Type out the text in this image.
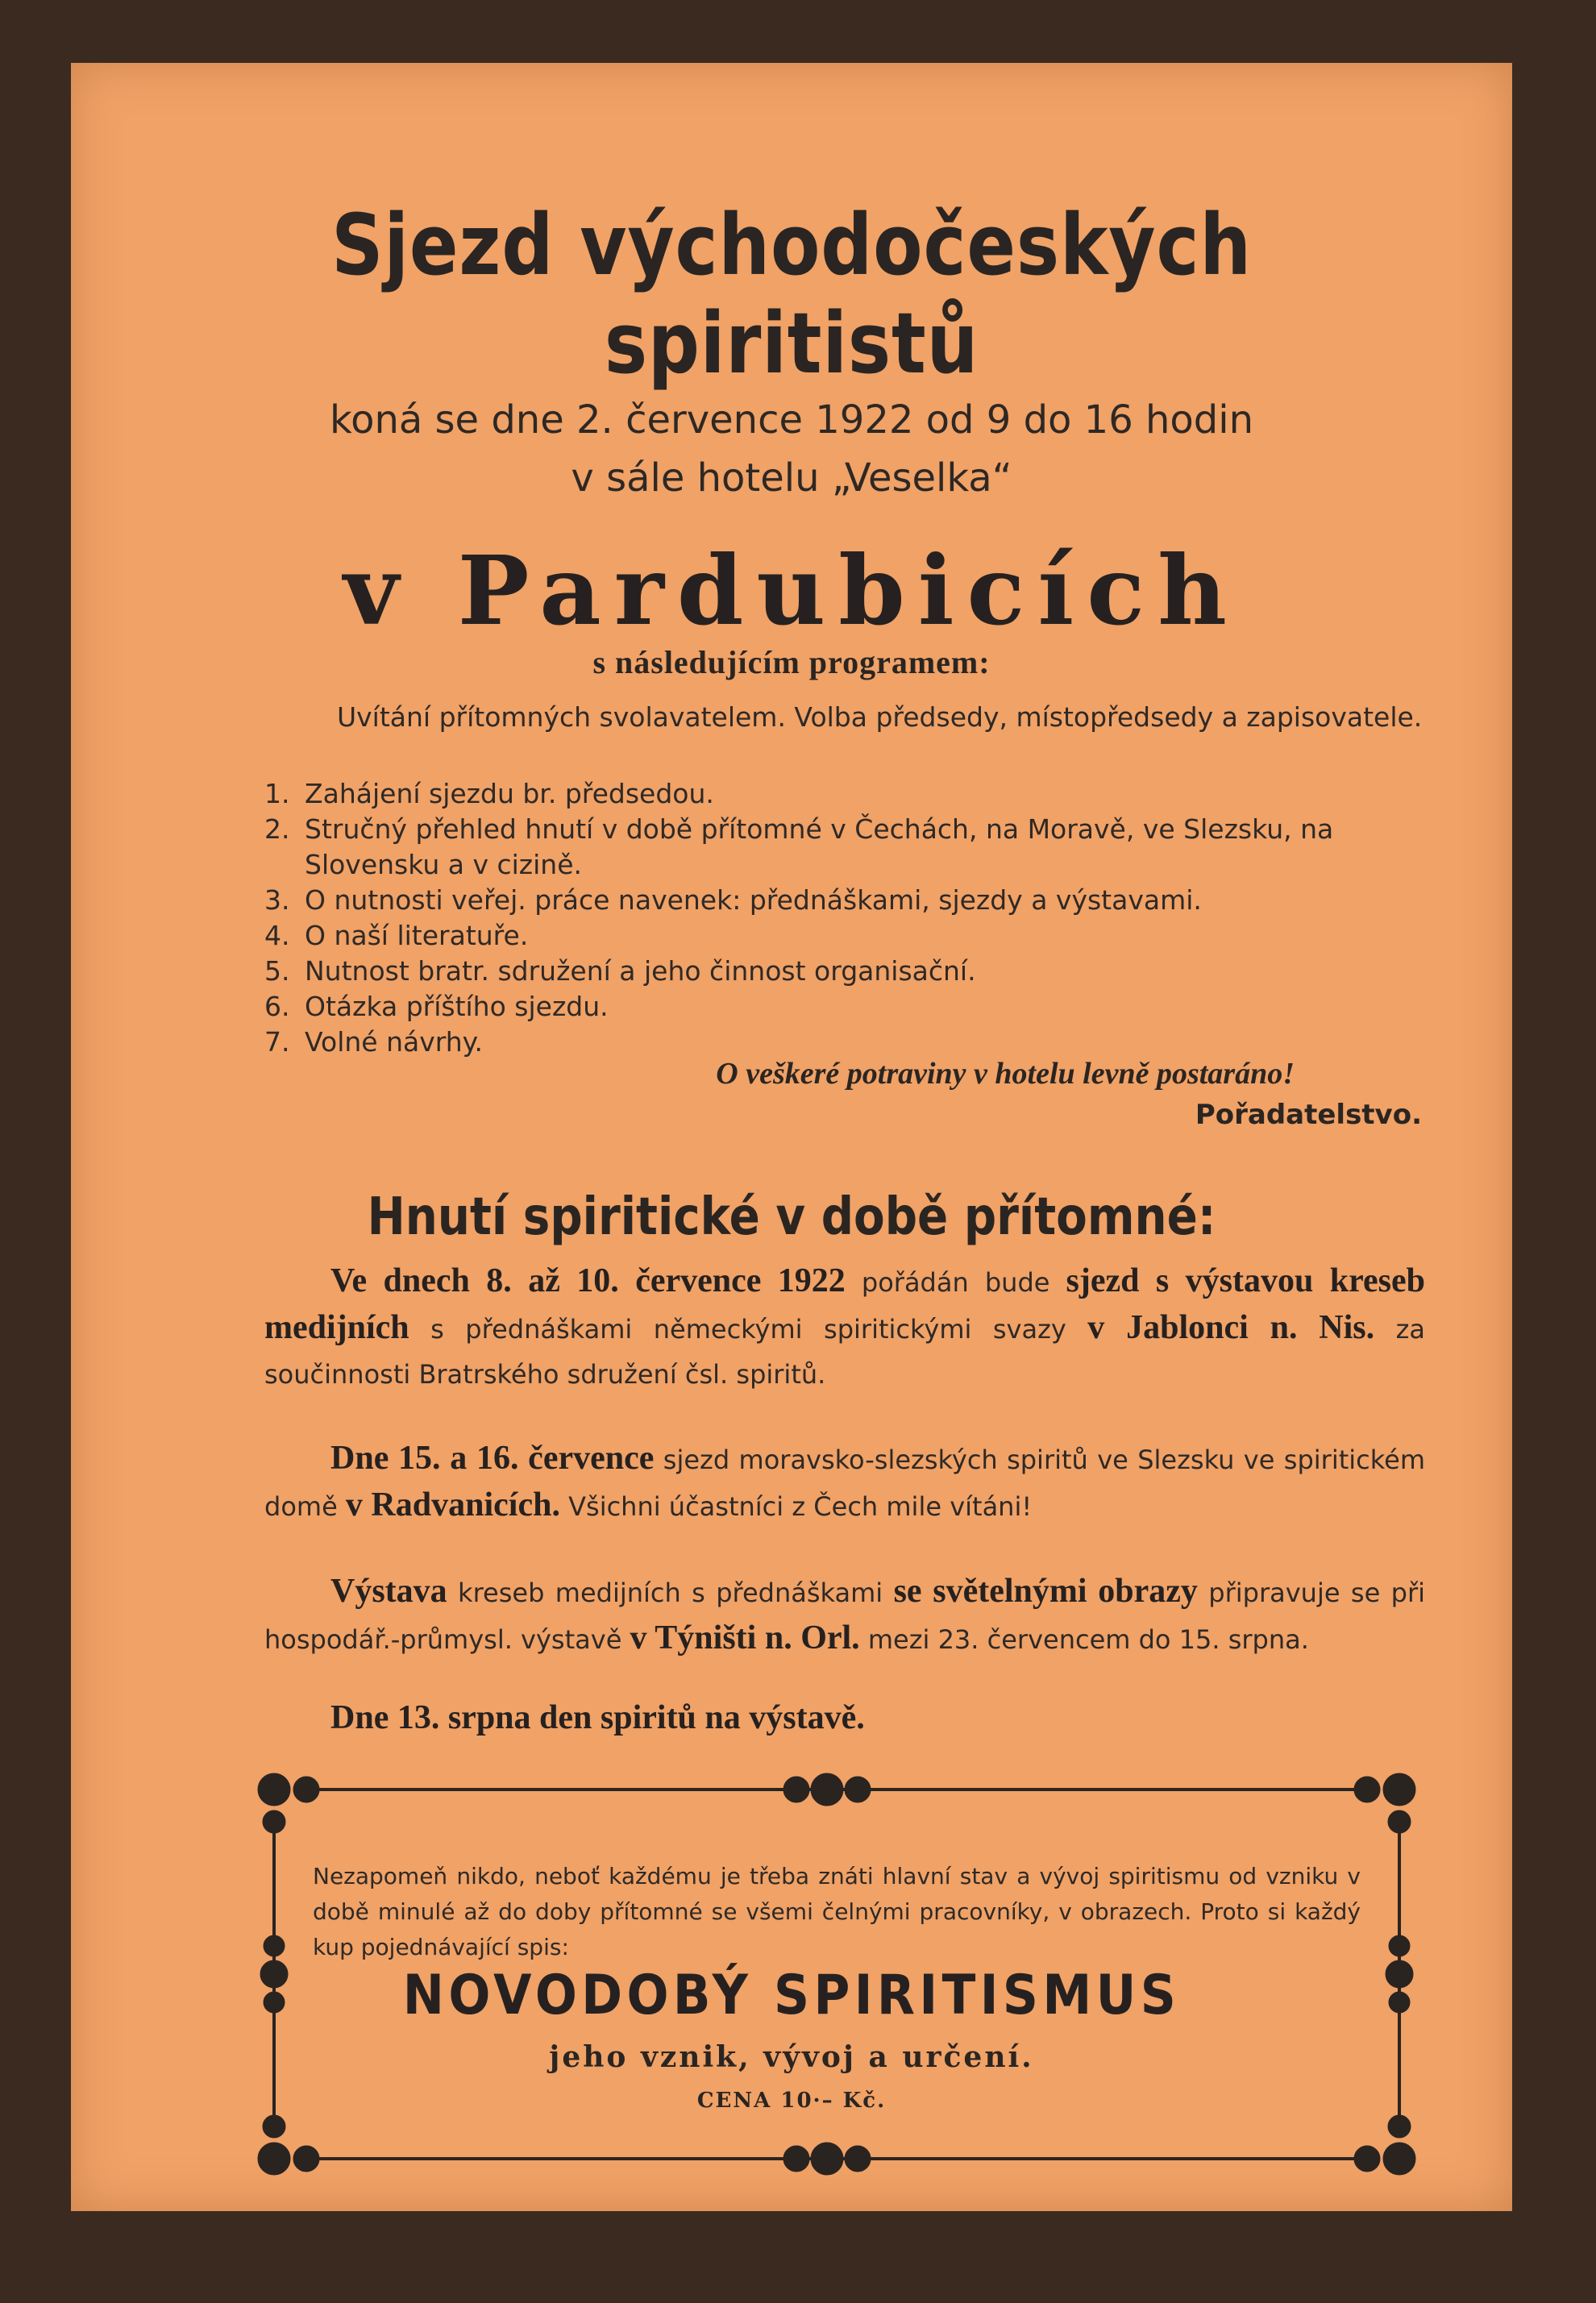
Sjezd východočeských spiritistů
koná se dne 2. července 1922 od 9 do 16 hodin
v sále hotelu „Veselka“
v Pardubicích
s následujícím programem:
Uvítání přítomných svolavatelem. Volba předsedy, místopředsedy a zapisovatele.
1. Zahájení sjezdu br. předsedou.
2. Stručný přehled hnutí v době přítomné v Čechách, na Moravě, ve Slezsku, na Slovensku a v cizině.
3. O nutnosti veřej. práce navenek: přednáškami, sjezdy a výstavami.
4. O naší literatuře.
5. Nutnost bratr. sdružení a jeho činnost organisační.
6. Otázka příštího sjezdu.
7. Volné návrhy.
O veškeré potraviny v hotelu levně postaráno!
Pořadatelstvo.
Hnutí spiritické v době přítomné:
Ve dnech 8. až 10. července 1922 pořádán bude sjezd s výstavou kreseb medijních s přednáškami německými spiritickými svazy v Jablonci n. Nis. za součinnosti Bratrského sdružení čsl. spiritů.
Dne 15. a 16. července sjezd moravsko-slezských spiritů ve Slezsku ve spiritickém domě v Radvanicích. Všichni účastníci z Čech mile vítáni!
Výstava kreseb medijních s přednáškami se světelnými obrazy připravuje se při hospodář.-průmysl. výstavě v Týništi n. Orl. mezi 23. červencem do 15. srpna.
Dne 13. srpna den spiritů na výstavě.
Nezapomeň nikdo, neboť každému je třeba znáti hlavní stav a vývoj spiritismu od vzniku v době minulé až do doby přítomné se všemi čelnými pracovníky, v obrazech. Proto si každý kup pojednávající spis:
NOVODOBÝ SPIRITISMUS
jeho vznik, vývoj a určení.
CENA 10·– Kč.
